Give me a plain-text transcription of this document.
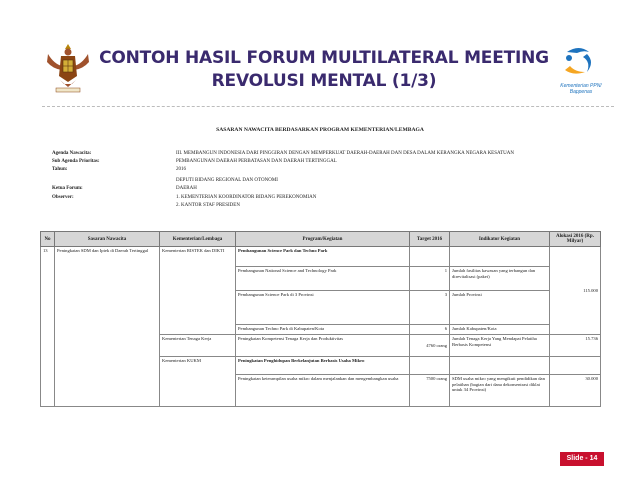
CONTOH HASIL FORUM MULTILATERAL MEETING
REVOLUSI MENTAL (1/3)	Kementerian PPN/
Bappenas
SASARAN NAWACITA BERDASARKAN PROGRAM KEMENTERIAN/LEMBAGA
Agenda Nawacita:	III. MEMBANGUN INDONESIA DARI PINGGIRAN DENGAN MEMPERKUAT DAERAH-DAERAH DAN DESA DALAM KERANGKA NEGARA KESATUAN
Sub Agenda Prioritas:	PEMBANGUNAN DAERAH PERBATASAN DAN DAERAH TERTINGGAL
Tahun:	2016
DEPUTI BIDANG REGIONAL DAN OTONOMI
Ketua Forum:	DAERAH
Observer:	1. KEMENTERIAN KOORDINATOR BIDANG PEREKONOMIAN
2. KANTOR STAF PRESIDEN
No	Sasaran Nawacita	Kementerian/Lembaga	Program/Kegiatan	Target 2016	Indikator Kegiatan	Alokasi 2016 (Rp. Milyar)
13	Peningkatan SDM dan Iptek di Daerah Tertinggal	Kementerian RISTEK dan DIKTI	Pembangunan Science Park dan Techno Park			115.000
			Pembangunan National Science and Technology Park	1	Jumlah fasilitas kawasan yang terbangun dan direvitalisasi (paket)	
			Pembangunan Science Park di 3 Provinsi	3	Jumlah Provinsi	
			Pembangunan Techno Park di Kabupaten/Kota	6	Jumlah Kabupaten/Kota	
		Kementerian Tenaga Kerja	Peningkatan Kompetensi Tenaga Kerja dan Produktivitas	4760 orang	Jumlah Tenaga Kerja Yang Mendapat Pelatiha Berbasis Kompetensi	15.736
		Kementerian KUKM	Peningkatan Penghidupan Berkelanjutan Berbasis Usaha Mikro			
			Peningkatan keterampilan usaha mikro dalam menjalankan dan mengembangkan usaha	7500 orang	SDM usaha mikro yang mengikuti pendidikan dan pelatihan (bagian dari dana dekonsentrasi diklat untuk 34 Provinsi)	30.000
Slide - 14
